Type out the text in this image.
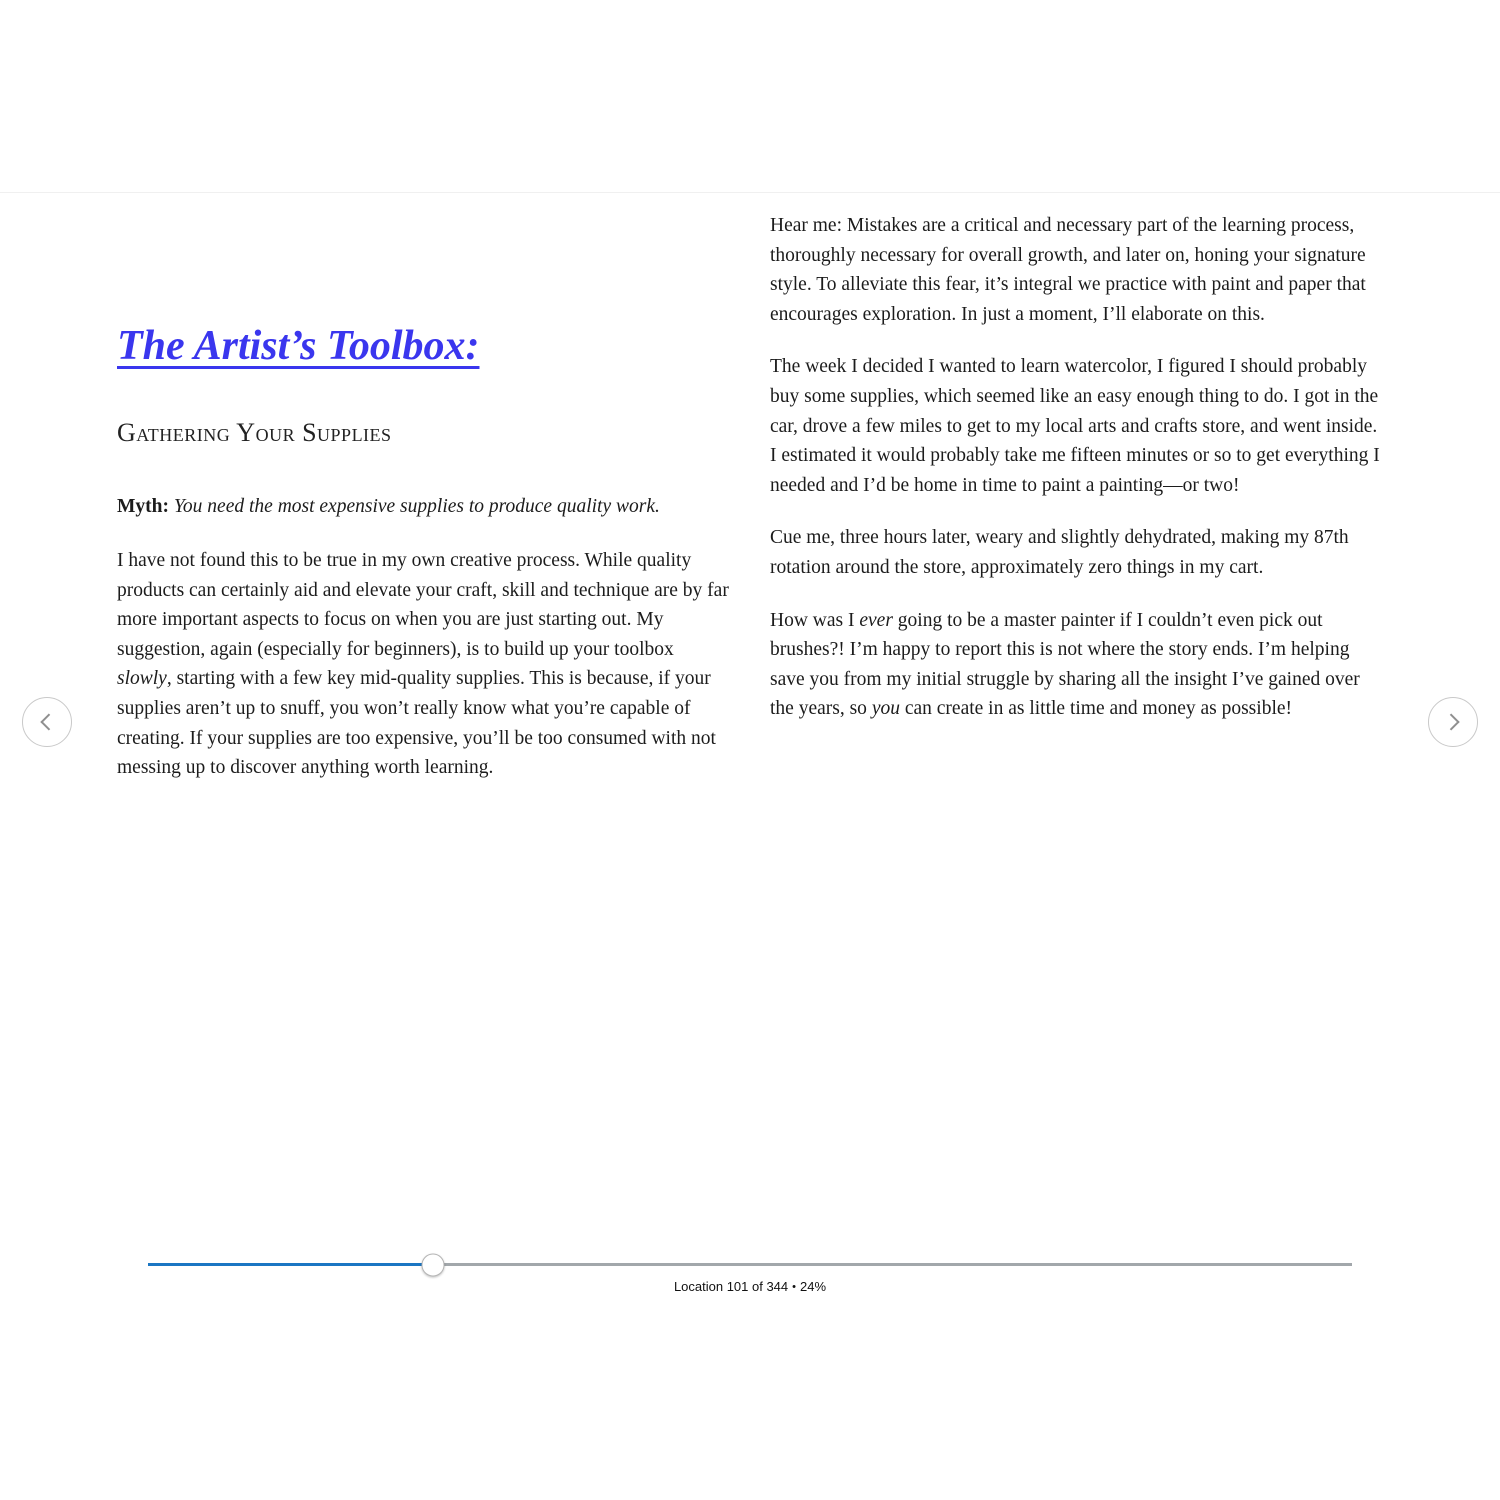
The Artist’s Toolbox:
Gathering Your Supplies

Myth: You need the most expensive supplies to produce quality work.

I have not found this to be true in my own creative process. While quality products can certainly aid and elevate your craft, skill and technique are by far more important aspects to focus on when you are just starting out. My suggestion, again (especially for beginners), is to build up your toolbox slowly, starting with a few key mid-quality supplies. This is because, if your supplies aren’t up to snuff, you won’t really know what you’re capable of creating. If your supplies are too expensive, you’ll be too consumed with not messing up to discover anything worth learning.

Hear me: Mistakes are a critical and necessary part of the learning process, thoroughly necessary for overall growth, and later on, honing your signature style. To alleviate this fear, it’s integral we practice with paint and paper that encourages exploration. In just a moment, I’ll elaborate on this.

The week I decided I wanted to learn watercolor, I figured I should probably buy some supplies, which seemed like an easy enough thing to do. I got in the car, drove a few miles to get to my local arts and crafts store, and went inside. I estimated it would probably take me fifteen minutes or so to get everything I needed and I’d be home in time to paint a painting—or two!

Cue me, three hours later, weary and slightly dehydrated, making my 87th rotation around the store, approximately zero things in my cart.

How was I ever going to be a master painter if I couldn’t even pick out brushes?! I’m happy to report this is not where the story ends. I’m helping save you from my initial struggle by sharing all the insight I’ve gained over the years, so you can create in as little time and money as possible!

Location 101 of 344 • 24%
